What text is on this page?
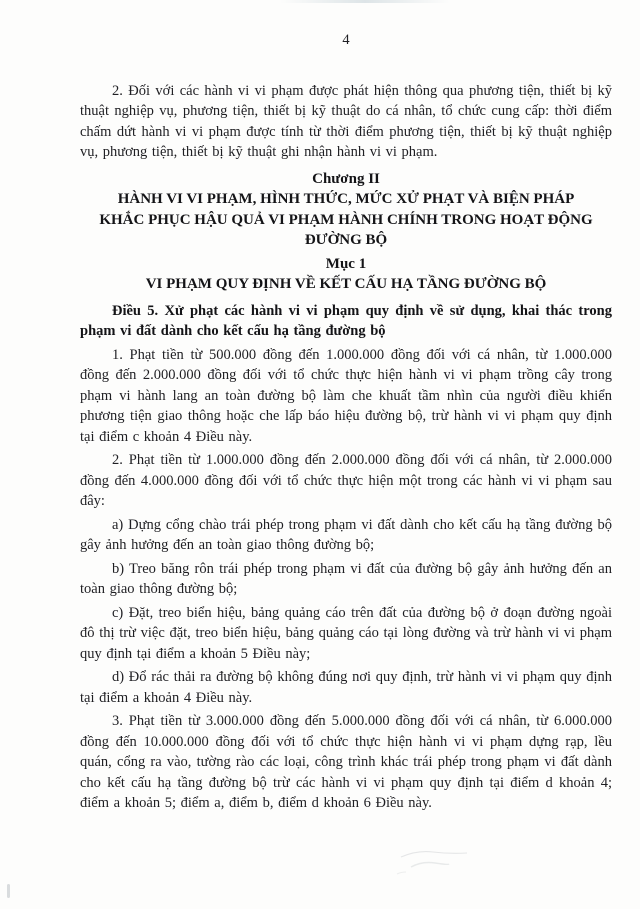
4

2. Đối với các hành vi vi phạm được phát hiện thông qua phương tiện, thiết bị kỹ thuật nghiệp vụ, phương tiện, thiết bị kỹ thuật do cá nhân, tổ chức cung cấp: thời điểm chấm dứt hành vi vi phạm được tính từ thời điểm phương tiện, thiết bị kỹ thuật nghiệp vụ, phương tiện, thiết bị kỹ thuật ghi nhận hành vi vi phạm.

Chương II
HÀNH VI VI PHẠM, HÌNH THỨC, MỨC XỬ PHẠT VÀ BIỆN PHÁP KHẮC PHỤC HẬU QUẢ VI PHẠM HÀNH CHÍNH TRONG HOẠT ĐỘNG ĐƯỜNG BỘ
Mục 1
VI PHẠM QUY ĐỊNH VỀ KẾT CẤU HẠ TẦNG ĐƯỜNG BỘ

Điều 5. Xử phạt các hành vi vi phạm quy định về sử dụng, khai thác trong phạm vi đất dành cho kết cấu hạ tầng đường bộ

1. Phạt tiền từ 500.000 đồng đến 1.000.000 đồng đối với cá nhân, từ 1.000.000 đồng đến 2.000.000 đồng đối với tổ chức thực hiện hành vi vi phạm trồng cây trong phạm vi hành lang an toàn đường bộ làm che khuất tầm nhìn của người điều khiển phương tiện giao thông hoặc che lấp báo hiệu đường bộ, trừ hành vi vi phạm quy định tại điểm c khoản 4 Điều này.

2. Phạt tiền từ 1.000.000 đồng đến 2.000.000 đồng đối với cá nhân, từ 2.000.000 đồng đến 4.000.000 đồng đối với tổ chức thực hiện một trong các hành vi vi phạm sau đây:

a) Dựng cổng chào trái phép trong phạm vi đất dành cho kết cấu hạ tầng đường bộ gây ảnh hưởng đến an toàn giao thông đường bộ;

b) Treo băng rôn trái phép trong phạm vi đất của đường bộ gây ảnh hưởng đến an toàn giao thông đường bộ;

c) Đặt, treo biển hiệu, bảng quảng cáo trên đất của đường bộ ở đoạn đường ngoài đô thị trừ việc đặt, treo biển hiệu, bảng quảng cáo tại lòng đường và trừ hành vi vi phạm quy định tại điểm a khoản 5 Điều này;

d) Đổ rác thải ra đường bộ không đúng nơi quy định, trừ hành vi vi phạm quy định tại điểm a khoản 4 Điều này.

3. Phạt tiền từ 3.000.000 đồng đến 5.000.000 đồng đối với cá nhân, từ 6.000.000 đồng đến 10.000.000 đồng đối với tổ chức thực hiện hành vi vi phạm dựng rạp, lều quán, cổng ra vào, tường rào các loại, công trình khác trái phép trong phạm vi đất dành cho kết cấu hạ tầng đường bộ trừ các hành vi vi phạm quy định tại điểm d khoản 4; điểm a khoản 5; điểm a, điểm b, điểm d khoản 6 Điều này.
